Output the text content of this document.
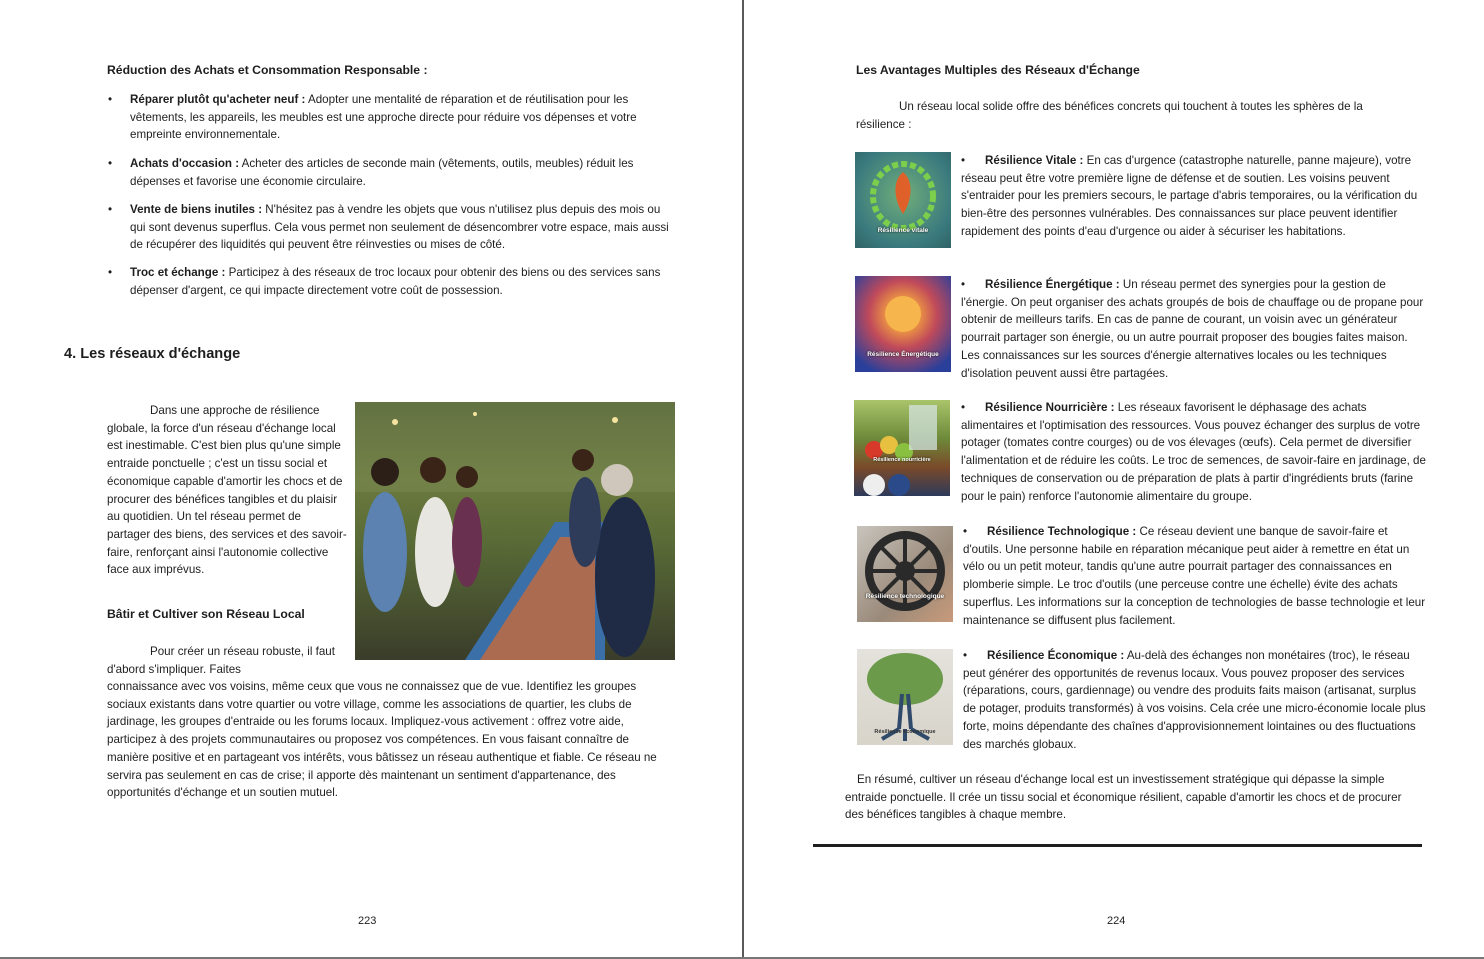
Réduction des Achats et Consommation Responsable :
• Réparer plutôt qu'acheter neuf : Adopter une mentalité de réparation et de réutilisation pour les vêtements, les appareils, les meubles est une approche directe pour réduire vos dépenses et votre empreinte environnementale.
• Achats d'occasion : Acheter des articles de seconde main (vêtements, outils, meubles) réduit les dépenses et favorise une économie circulaire.
• Vente de biens inutiles : N'hésitez pas à vendre les objets que vous n'utilisez plus depuis des mois ou qui sont devenus superflus. Cela vous permet non seulement de désencombrer votre espace, mais aussi de récupérer des liquidités qui peuvent être réinvesties ou mises de côté.
• Troc et échange : Participez à des réseaux de troc locaux pour obtenir des biens ou des services sans dépenser d'argent, ce qui impacte directement votre coût de possession.
4. Les réseaux d'échange
Dans une approche de résilience globale, la force d'un réseau d'échange local est inestimable. C'est bien plus qu'une simple entraide ponctuelle ; c'est un tissu social et économique capable d'amortir les chocs et de procurer des bénéfices tangibles et du plaisir au quotidien. Un tel réseau permet de partager des biens, des services et des savoir-faire, renforçant ainsi l'autonomie collective face aux imprévus.
Bâtir et Cultiver son Réseau Local
Pour créer un réseau robuste, il faut d'abord s'impliquer. Faites
connaissance avec vos voisins, même ceux que vous ne connaissez que de vue. Identifiez les groupes sociaux existants dans votre quartier ou votre village, comme les associations de quartier, les clubs de jardinage, les groupes d'entraide ou les forums locaux. Impliquez-vous activement : offrez votre aide, participez à des projets communautaires ou proposez vos compétences. En vous faisant connaître de manière positive et en partageant vos intérêts, vous bâtissez un réseau authentique et fiable. Ce réseau ne servira pas seulement en cas de crise; il apporte dès maintenant un sentiment d'appartenance, des opportunités d'échange et un soutien mutuel.
223
Les Avantages Multiples des Réseaux d'Échange
Un réseau local solide offre des bénéfices concrets qui touchent à toutes les sphères de la résilience :
Résilience vitale
• Résilience Vitale : En cas d'urgence (catastrophe naturelle, panne majeure), votre réseau peut être votre première ligne de défense et de soutien. Les voisins peuvent s'entraider pour les premiers secours, le partage d'abris temporaires, ou la vérification du bien-être des personnes vulnérables. Des connaissances sur place peuvent identifier rapidement des points d'eau d'urgence ou aider à sécuriser les habitations.
Résilience Énergétique
• Résilience Énergétique : Un réseau permet des synergies pour la gestion de l'énergie. On peut organiser des achats groupés de bois de chauffage ou de propane pour obtenir de meilleurs tarifs. En cas de panne de courant, un voisin avec un générateur pourrait partager son énergie, ou un autre pourrait proposer des bougies faites maison. Les connaissances sur les sources d'énergie alternatives locales ou les techniques d'isolation peuvent aussi être partagées.
Résilience nourricière
• Résilience Nourricière : Les réseaux favorisent le déphasage des achats alimentaires et l'optimisation des ressources. Vous pouvez échanger des surplus de votre potager (tomates contre courges) ou de vos élevages (œufs). Cela permet de diversifier l'alimentation et de réduire les coûts. Le troc de semences, de savoir-faire en jardinage, de techniques de conservation ou de préparation de plats à partir d'ingrédients bruts (farine pour le pain) renforce l'autonomie alimentaire du groupe.
Résilience technologique
• Résilience Technologique : Ce réseau devient une banque de savoir-faire et d'outils. Une personne habile en réparation mécanique peut aider à remettre en état un vélo ou un petit moteur, tandis qu'une autre pourrait partager des connaissances en plomberie simple. Le troc d'outils (une perceuse contre une échelle) évite des achats superflus. Les informations sur la conception de technologies de basse technologie et leur maintenance se diffusent plus facilement.
Résilience économique
• Résilience Économique : Au-delà des échanges non monétaires (troc), le réseau peut générer des opportunités de revenus locaux. Vous pouvez proposer des services (réparations, cours, gardiennage) ou vendre des produits faits maison (artisanat, surplus de potager, produits transformés) à vos voisins. Cela crée une micro-économie locale plus forte, moins dépendante des chaînes d'approvisionnement lointaines ou des fluctuations des marchés globaux.
En résumé, cultiver un réseau d'échange local est un investissement stratégique qui dépasse la simple entraide ponctuelle. Il crée un tissu social et économique résilient, capable d'amortir les chocs et de procurer des bénéfices tangibles à chaque membre.
224
